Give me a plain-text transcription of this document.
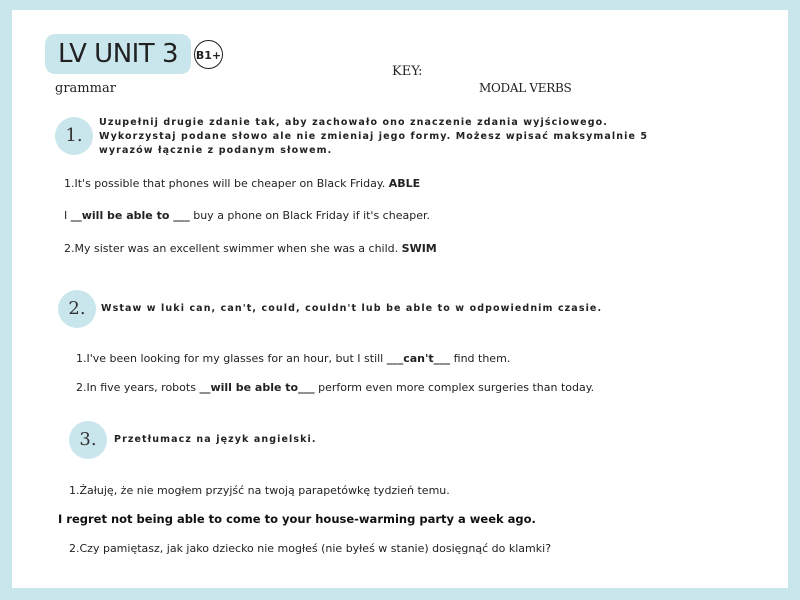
LV UNIT 3	B1+
grammar
KEY:
MODAL VERBS
1.
Uzupełnij drugie zdanie tak, aby zachowało ono znaczenie zdania wyjściowego.
Wykorzystaj podane słowo ale nie zmieniaj jego formy. Możesz wpisać maksymalnie 5
wyrazów łącznie z podanym słowem.
1.It's possible that phones will be cheaper on Black Friday. ABLE
I __will be able to ___ buy a phone on Black Friday if it's cheaper.
2.My sister was an excellent swimmer when she was a child. SWIM
2.	Wstaw w luki can, can't, could, couldn't lub be able to w odpowiednim czasie.
1.I've been looking for my glasses for an hour, but I still ___can't___ find them.
2.In five years, robots __will be able to___ perform even more complex surgeries than today.
3.	Przetłumacz na język angielski.
1.Żałuję, że nie mogłem przyjść na twoją parapetówkę tydzień temu.
I regret not being able to come to your house-warming party a week ago.
2.Czy pamiętasz, jak jako dziecko nie mogłeś (nie byłeś w stanie) dosięgnąć do klamki?
